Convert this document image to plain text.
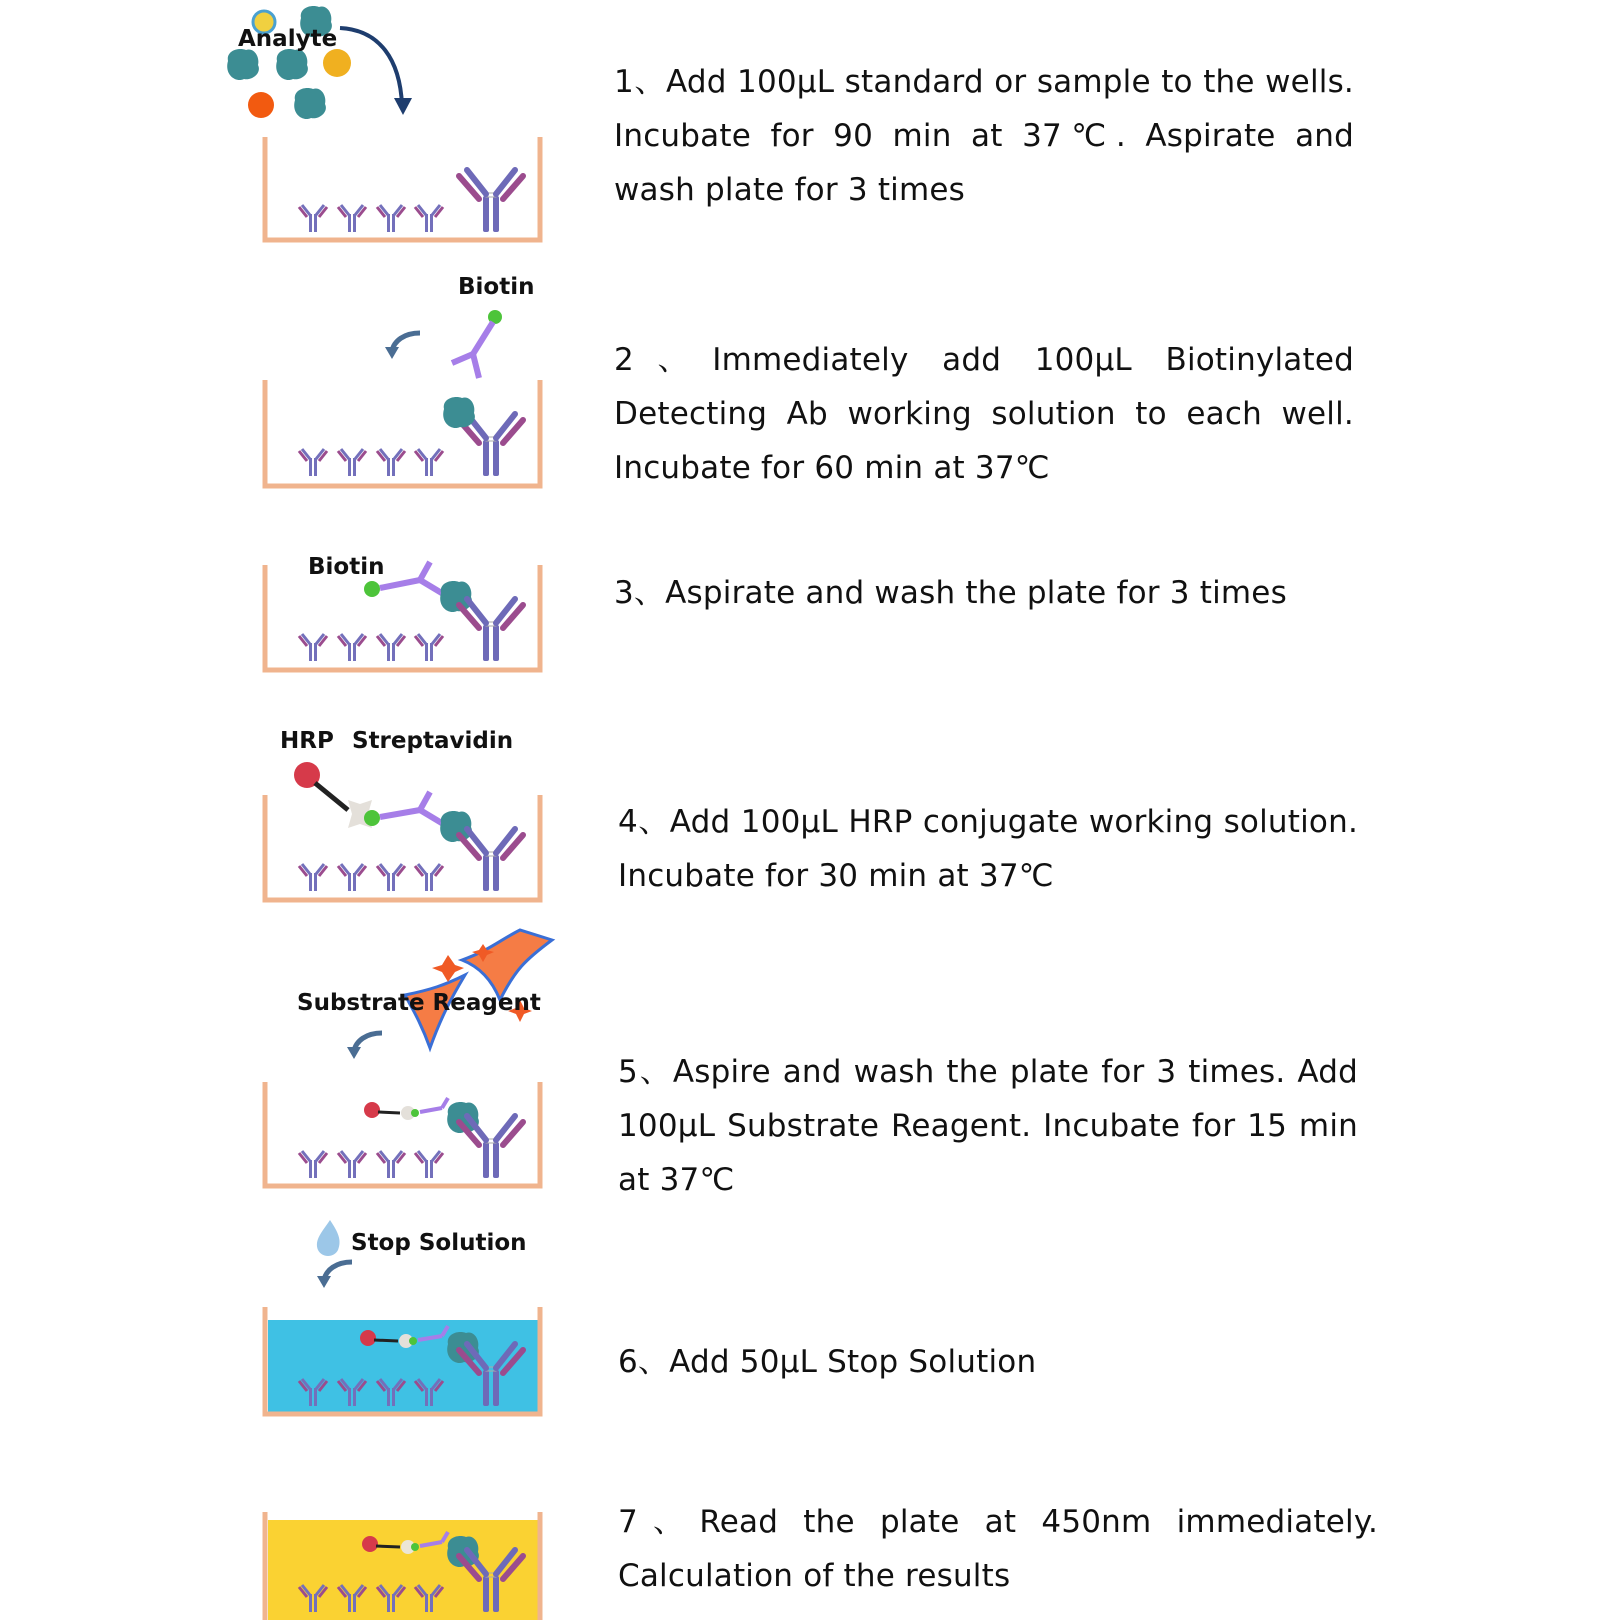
Analyte
Biotin
Biotin
HRP Streptavidin
Substrate Reagent
Stop Solution
1、Add 100μL standard or sample to the wells. Incubate for 90 min at 37℃. Aspirate and wash plate for 3 times
2、Immediately add 100μL Biotinylated Detecting Ab working solution to each well. Incubate for 60 min at 37℃
3、Aspirate and wash the plate for 3 times
4、Add 100μL HRP conjugate working solution. Incubate for 30 min at 37℃
5、Aspire and wash the plate for 3 times. Add 100μL Substrate Reagent. Incubate for 15 min at 37℃
6、Add 50μL Stop Solution
7、Read the plate at 450nm immediately. Calculation of the results
